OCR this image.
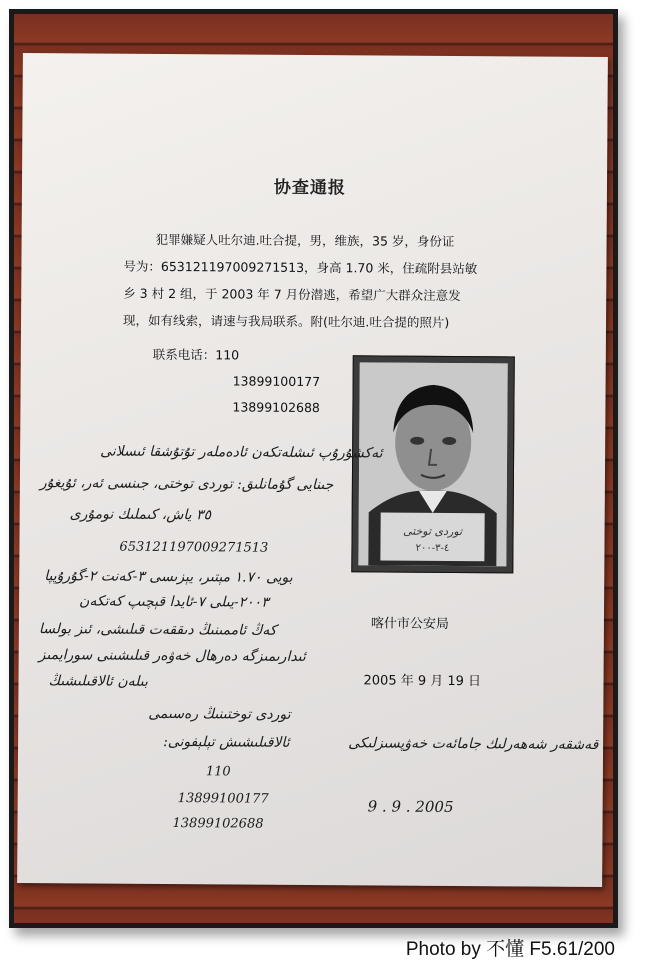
协查通报
犯罪嫌疑人吐尔迪.吐合提，男，维族，35 岁，身份证
号为：653121197009271513，身高 1.70 米，住疏附县站敏
乡 3 村 2 组，于 2003 年 7 月份潜逃，希望广大群众注意发
现，如有线索，请速与我局联系。附(吐尔迪.吐合提的照片)
联系电话：110
13899100177
13899102688
توردى توختى
٤-٣-٢٠٠
ئەكشۇرۇپ ئىشلەتكەن ئادەملەر تۇتۇشقا ئىسلانى
جىنايى گۇمانلىق: توردى توختى، جىنسى ئەر، ئۇيغۇر
٣٥ ياش، كىملىك نومۇرى
653121197009271513
بويى ١.٧٠ مېتىر، يېزىسى ٣-كەنت ٢-گۇرۇپپا
٢٠٠٣-يىلى ٧-ئايدا قېچىپ كەتكەن
كەڭ ئاممىنىڭ دىققەت قىلىشى، ئىز بولسا
ئىدارىمىزگە دەرھال خەۋەر قىلىشىنى سورايمىز
بىلەن ئالاقىلىشىڭ
توردى توختىنىڭ رەسىمى
ئالاقىلىشىش تېلېفونى:
110
13899100177
13899102688
喀什市公安局
2005 年 9 月 19 日
قەشقەر شەھەرلىك جامائەت خەۋپسىزلىكى
9 . 9 . 2005
Photo by 不懂 F5.61/200
